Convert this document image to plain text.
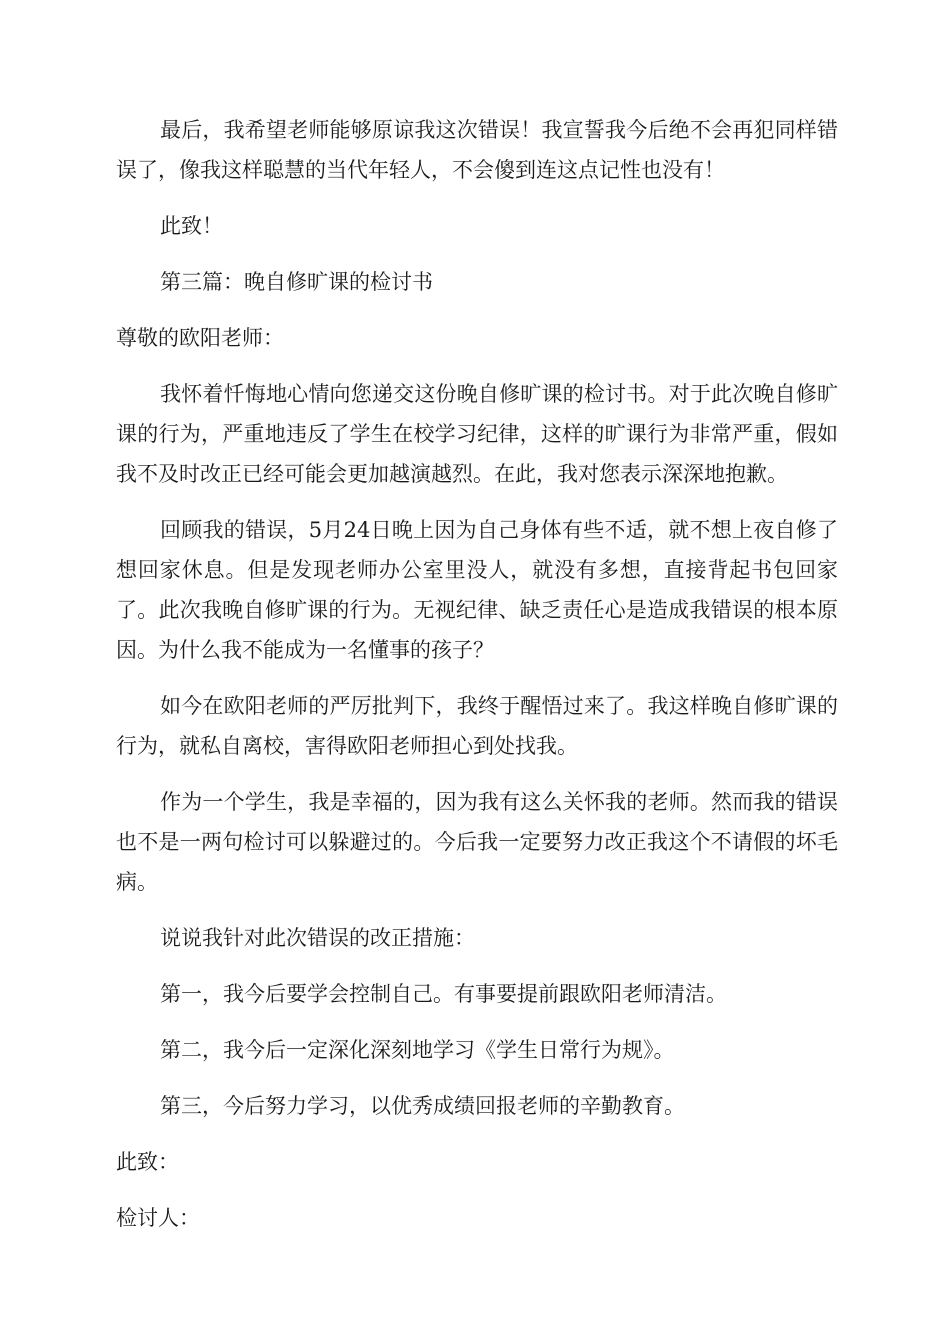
最后，我希望老师能够原谅我这次错误！我宣誓我今后绝不会再犯同样错误了，像我这样聪慧的当代年轻人，不会傻到连这点记性也没有！

此致！

第三篇：晚自修旷课的检讨书

尊敬的欧阳老师：

我怀着忏悔地心情向您递交这份晚自修旷课的检讨书。对于此次晚自修旷课的行为，严重地违反了学生在校学习纪律，这样的旷课行为非常严重，假如我不及时改正已经可能会更加越演越烈。在此，我对您表示深深地抱歉。

回顾我的错误，5月24日晚上因为自己身体有些不适，就不想上夜自修了想回家休息。但是发现老师办公室里没人，就没有多想，直接背起书包回家了。此次我晚自修旷课的行为。无视纪律、缺乏责任心是造成我错误的根本原因。为什么我不能成为一名懂事的孩子？

如今在欧阳老师的严厉批判下，我终于醒悟过来了。我这样晚自修旷课的行为，就私自离校，害得欧阳老师担心到处找我。

作为一个学生，我是幸福的，因为我有这么关怀我的老师。然而我的错误也不是一两句检讨可以躲避过的。今后我一定要努力改正我这个不请假的坏毛病。

说说我针对此次错误的改正措施：

第一，我今后要学会控制自己。有事要提前跟欧阳老师清洁。

第二，我今后一定深化深刻地学习《学生日常行为规》。

第三，今后努力学习，以优秀成绩回报老师的辛勤教育。

此致：

检讨人：
